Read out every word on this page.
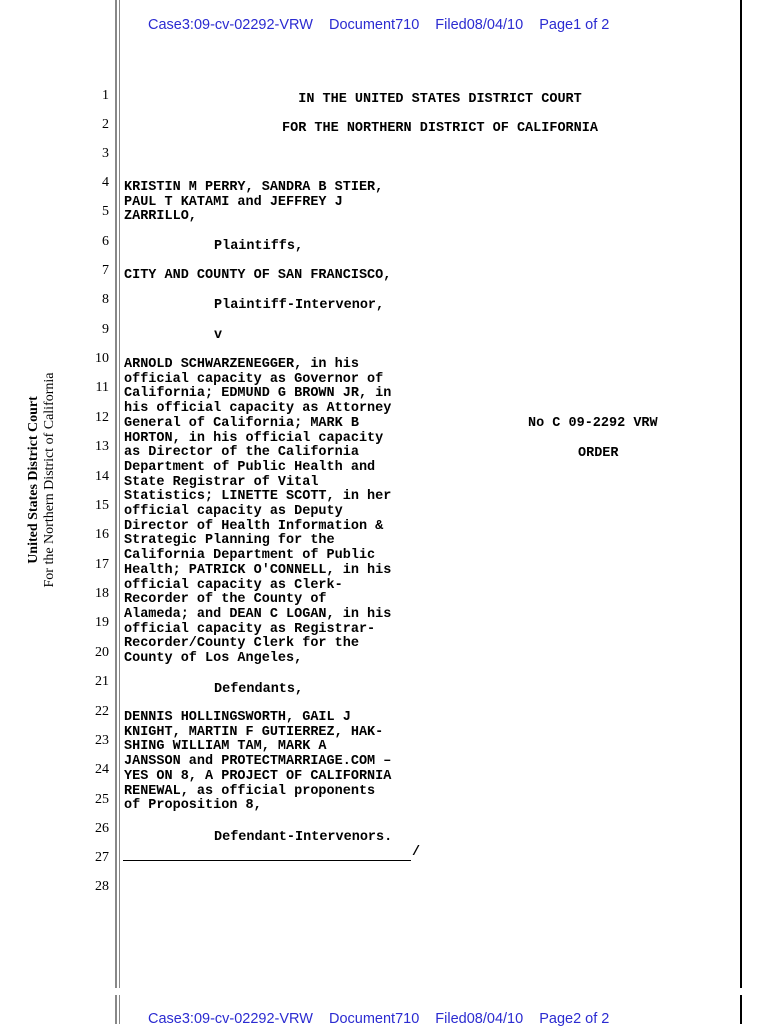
Case3:09-cv-02292-VRW Document710 Filed08/04/10 Page1 of 2
United States District Court For the Northern District of California
1
2
3
4
5
6
7
8
9
10
11
12
13
14
15
16
17
18
19
20
21
22
23
24
25
26
27
28
IN THE UNITED STATES DISTRICT COURT
FOR THE NORTHERN DISTRICT OF CALIFORNIA
KRISTIN M PERRY, SANDRA B STIER,
PAUL T KATAMI and JEFFREY J
ZARRILLO,
Plaintiffs,
CITY AND COUNTY OF SAN FRANCISCO,
Plaintiff-Intervenor,
v
ARNOLD SCHWARZENEGGER, in his
official capacity as Governor of
California; EDMUND G BROWN JR, in
his official capacity as Attorney
General of California; MARK B
HORTON, in his official capacity
as Director of the California
Department of Public Health and
State Registrar of Vital
Statistics; LINETTE SCOTT, in her
official capacity as Deputy
Director of Health Information &
Strategic Planning for the
California Department of Public
Health; PATRICK O'CONNELL, in his
official capacity as Clerk-
Recorder of the County of
Alameda; and DEAN C LOGAN, in his
official capacity as Registrar-
Recorder/County Clerk for the
County of Los Angeles,
Defendants,
DENNIS HOLLINGSWORTH, GAIL J
KNIGHT, MARTIN F GUTIERREZ, HAK-
SHING WILLIAM TAM, MARK A
JANSSON and PROTECTMARRIAGE.COM –
YES ON 8, A PROJECT OF CALIFORNIA
RENEWAL, as official proponents
of Proposition 8,
Defendant-Intervenors.
/
No C 09-2292 VRW
ORDER
Case3:09-cv-02292-VRW Document710 Filed08/04/10 Page2 of 2
